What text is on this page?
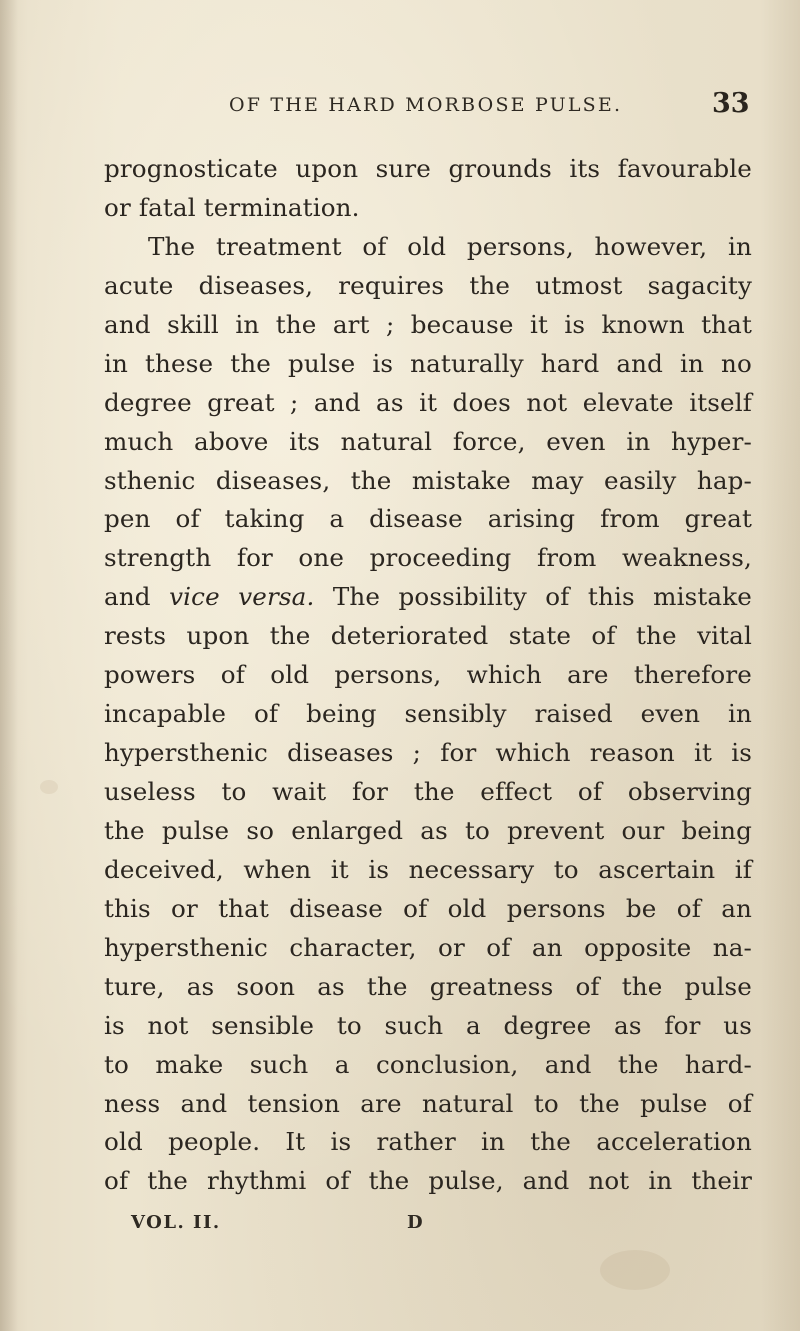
OF THE HARD MORBOSE PULSE.	33
prognosticate upon sure grounds its favourable
or fatal termination.
The treatment of old persons, however, in
acute diseases, requires the utmost sagacity
and skill in the art ; because it is known that
in these the pulse is naturally hard and in no
degree great ; and as it does not elevate itself
much above its natural force, even in hyper-
sthenic diseases, the mistake may easily hap-
pen of taking a disease arising from great
strength for one proceeding from weakness,
and vice versa. The possibility of this mistake
rests upon the deteriorated state of the vital
powers of old persons, which are therefore
incapable of being sensibly raised even in
hypersthenic diseases ; for which reason it is
useless to wait for the effect of observing
the pulse so enlarged as to prevent our being
deceived, when it is necessary to ascertain if
this or that disease of old persons be of an
hypersthenic character, or of an opposite na-
ture, as soon as the greatness of the pulse
is not sensible to such a degree as for us
to make such a conclusion, and the hard-
ness and tension are natural to the pulse of
old people. It is rather in the acceleration
of the rhythmi of the pulse, and not in their
VOL. II.	D
